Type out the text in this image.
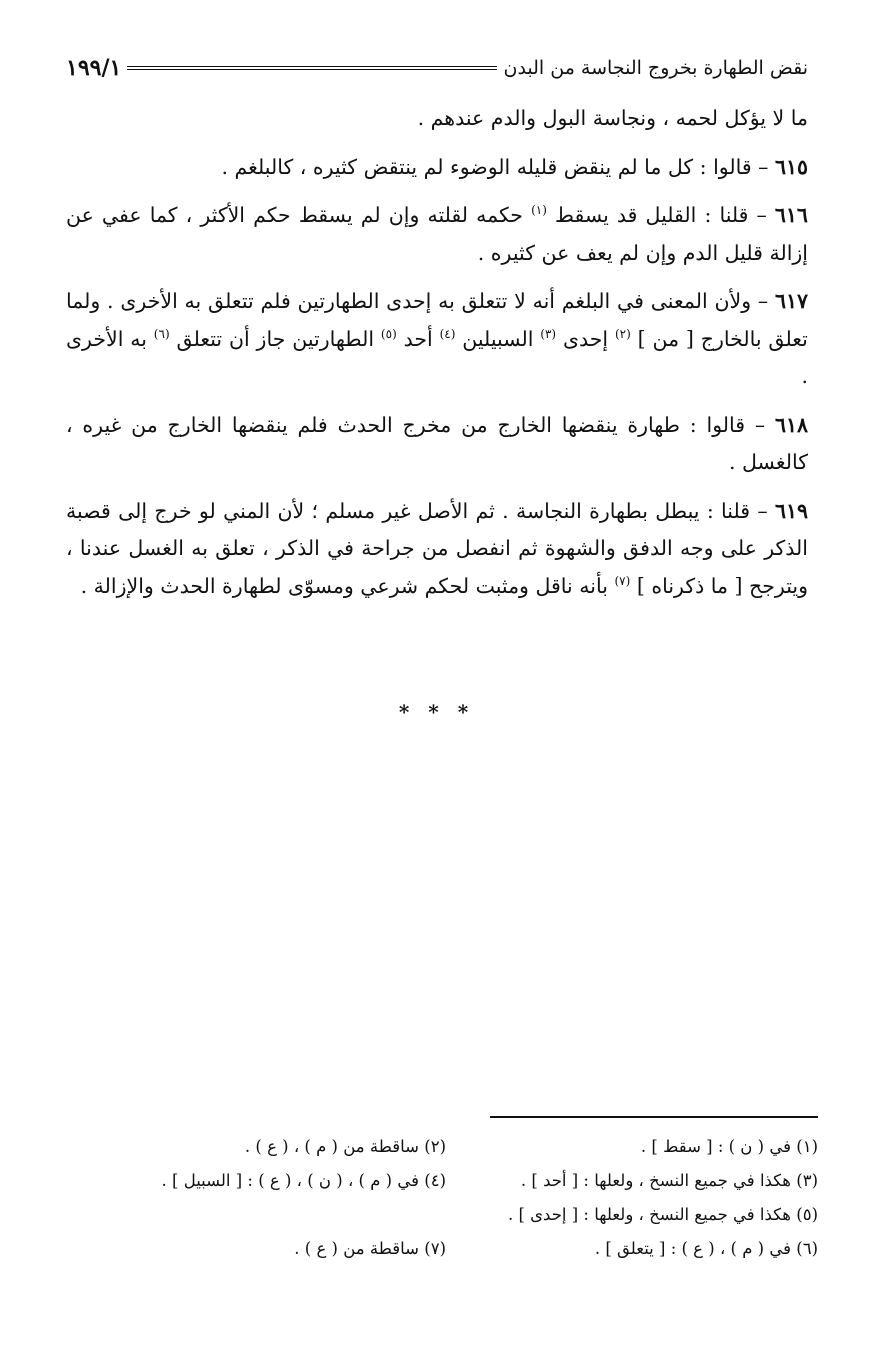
نقض الطهارة بخروج النجاسة من البدن
١٩٩/١

ما لا يؤكل لحمه ، ونجاسة البول والدم عندهم .

٦١٥ – قالوا : كل ما لم ينقض قليله الوضوء لم ينتقض كثيره ، كالبلغم .

٦١٦ – قلنا : القليل قد يسقط $^{(١)}$ حكمه لقلته وإن لم يسقط حكم الأكثر ، كما عفي عن إزالة قليل الدم وإن لم يعف عن كثيره .

٦١٧ – ولأن المعنى في البلغم أنه لا تتعلق به إحدى الطهارتين فلم تتعلق به الأخرى . ولما تعلق بالخارج [ من ] $^{(٢)}$ إحدى $^{(٣)}$ السبيلين $^{(٤)}$ أحد $^{(٥)}$ الطهارتين جاز أن تتعلق $^{(٦)}$ به الأخرى .

٦١٨ – قالوا : طهارة ينقضها الخارج من مخرج الحدث فلم ينقضها الخارج من غيره ، كالغسل .

٦١٩ – قلنا : يبطل بطهارة النجاسة . ثم الأصل غير مسلم ؛ لأن المني لو خرج إلى قصبة الذكر على وجه الدفق والشهوة ثم انفصل من جراحة في الذكر ، تعلق به الغسل عندنا ، ويترجح [ ما ذكرناه ] $^{(٧)}$ بأنه ناقل ومثبت لحكم شرعي ومسوّى لطهارة الحدث والإزالة .

* * *
(١) في ( ن ) : [ سقط ] .
(٢) ساقطة من ( م ) ، ( ع ) .
(٣) هكذا في جميع النسخ ، ولعلها : [ أحد ] .
(٤) في ( م ) ، ( ن ) ، ( ع ) : [ السبيل ] .
(٥) هكذا في جميع النسخ ، ولعلها : [ إحدى ] .
(٦) في ( م ) ، ( ع ) : [ يتعلق ] .
(٧) ساقطة من ( ع ) .
